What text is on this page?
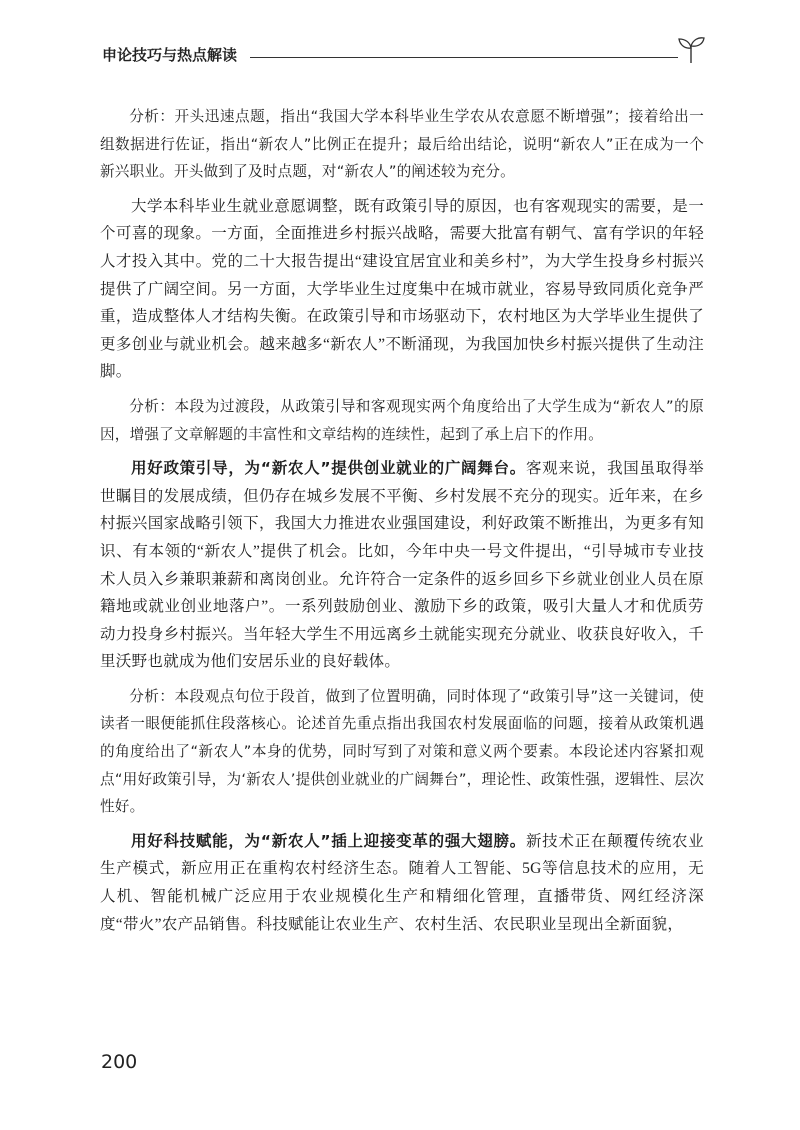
申论技巧与热点解读

分析：开头迅速点题，指出“我国大学本科毕业生学农从农意愿不断增强”；接着给出一组数据进行佐证，指出“新农人”比例正在提升；最后给出结论，说明“新农人”正在成为一个新兴职业。开头做到了及时点题，对“新农人”的阐述较为充分。

大学本科毕业生就业意愿调整，既有政策引导的原因，也有客观现实的需要，是一个可喜的现象。一方面，全面推进乡村振兴战略，需要大批富有朝气、富有学识的年轻人才投入其中。党的二十大报告提出“建设宜居宜业和美乡村”，为大学生投身乡村振兴提供了广阔空间。另一方面，大学毕业生过度集中在城市就业，容易导致同质化竞争严重，造成整体人才结构失衡。在政策引导和市场驱动下，农村地区为大学毕业生提供了更多创业与就业机会。越来越多“新农人”不断涌现，为我国加快乡村振兴提供了生动注脚。

分析：本段为过渡段，从政策引导和客观现实两个角度给出了大学生成为“新农人”的原因，增强了文章解题的丰富性和文章结构的连续性，起到了承上启下的作用。

用好政策引导，为“新农人”提供创业就业的广阔舞台。客观来说，我国虽取得举世瞩目的发展成绩，但仍存在城乡发展不平衡、乡村发展不充分的现实。近年来，在乡村振兴国家战略引领下，我国大力推进农业强国建设，利好政策不断推出，为更多有知识、有本领的“新农人”提供了机会。比如，今年中央一号文件提出，“引导城市专业技术人员入乡兼职兼薪和离岗创业。允许符合一定条件的返乡回乡下乡就业创业人员在原籍地或就业创业地落户”。一系列鼓励创业、激励下乡的政策，吸引大量人才和优质劳动力投身乡村振兴。当年轻大学生不用远离乡土就能实现充分就业、收获良好收入，千里沃野也就成为他们安居乐业的良好载体。

分析：本段观点句位于段首，做到了位置明确，同时体现了“政策引导”这一关键词，使读者一眼便能抓住段落核心。论述首先重点指出我国农村发展面临的问题，接着从政策机遇的角度给出了“新农人”本身的优势，同时写到了对策和意义两个要素。本段论述内容紧扣观点“用好政策引导，为‘新农人’提供创业就业的广阔舞台”，理论性、政策性强，逻辑性、层次性好。

用好科技赋能，为“新农人”插上迎接变革的强大翅膀。新技术正在颠覆传统农业生产模式，新应用正在重构农村经济生态。随着人工智能、5G等信息技术的应用，无人机、智能机械广泛应用于农业规模化生产和精细化管理，直播带货、网红经济深度“带火”农产品销售。科技赋能让农业生产、农村生活、农民职业呈现出全新面貌，

200
